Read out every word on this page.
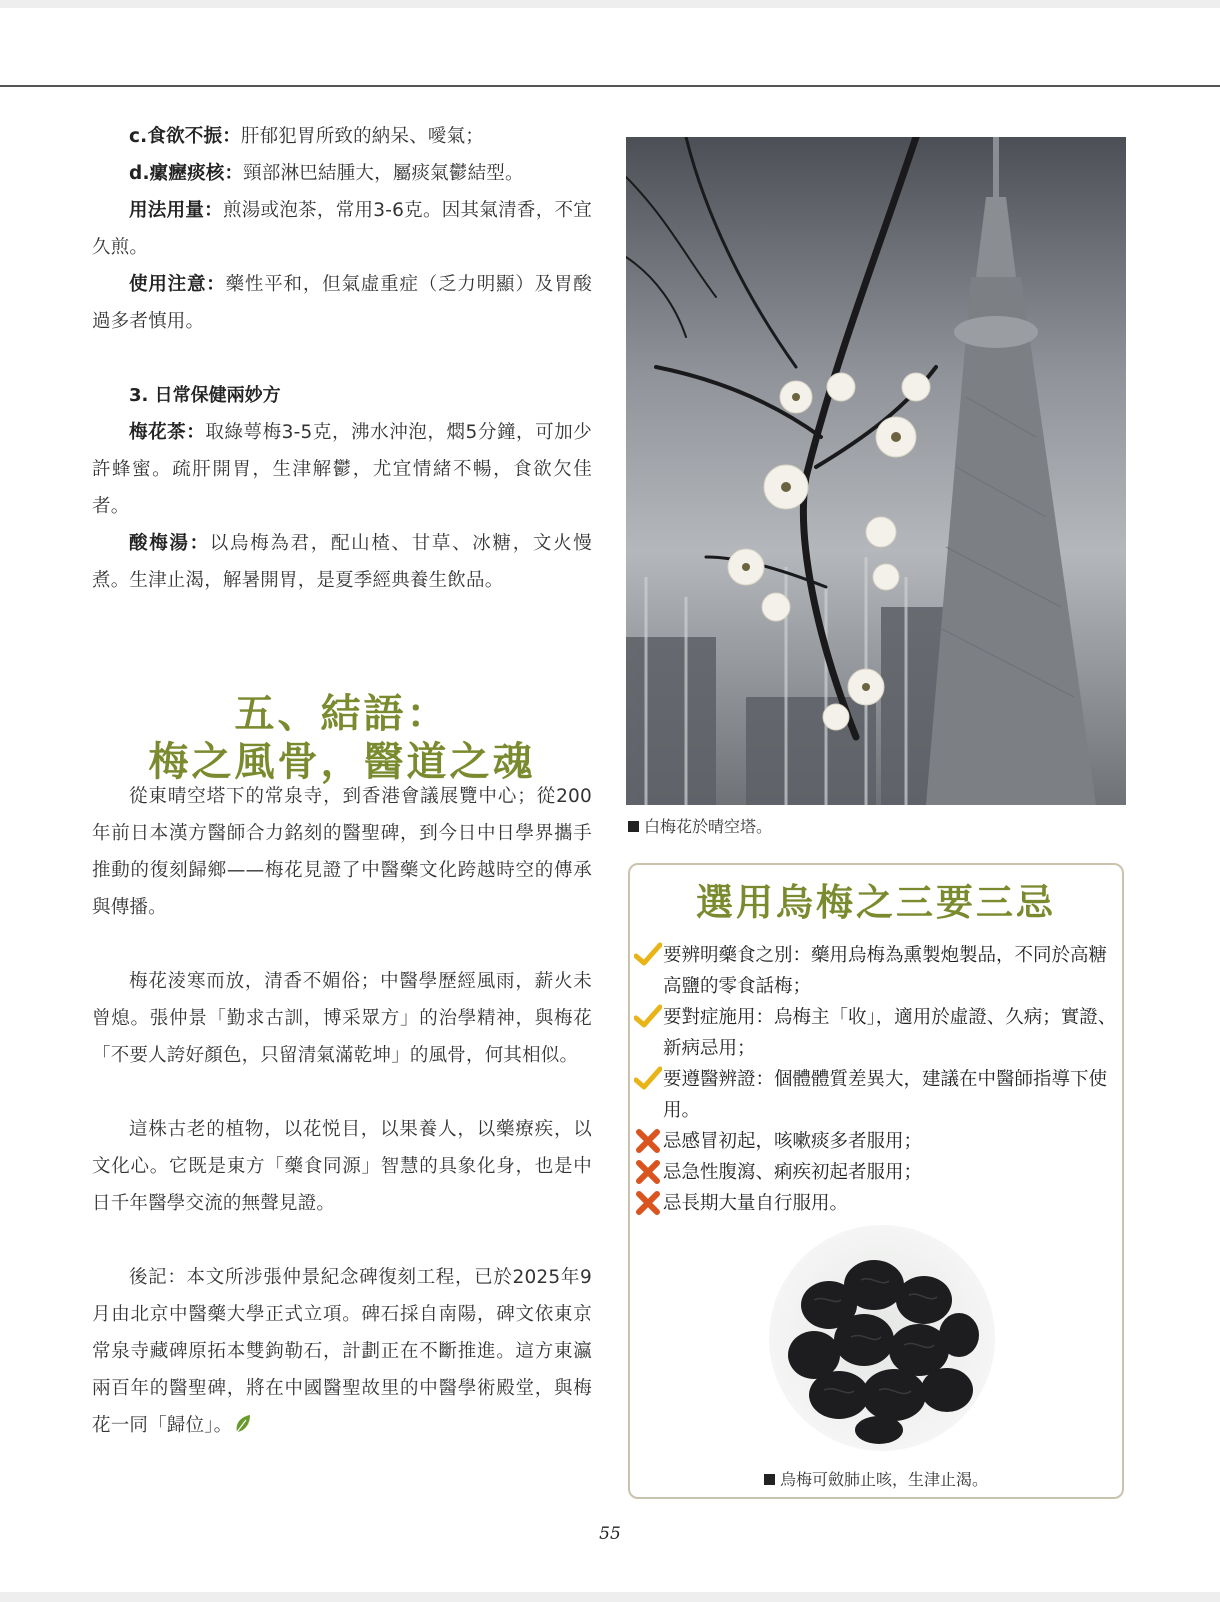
c.食欲不振：肝郁犯胃所致的納呆、噯氣；

d.瘰癧痰核：頸部淋巴結腫大，屬痰氣鬱結型。

用法用量：煎湯或泡茶，常用3-6克。因其氣清香，不宜久煎。

使用注意：藥性平和，但氣虛重症（乏力明顯）及胃酸過多者慎用。

3. 日常保健兩妙方

梅花茶：取綠萼梅3-5克，沸水沖泡，燜5分鐘，可加少許蜂蜜。疏肝開胃，生津解鬱，尤宜情緒不暢，食欲欠佳者。

酸梅湯：以烏梅為君，配山楂、甘草、冰糖，文火慢煮。生津止渴，解暑開胃，是夏季經典養生飲品。

五、結語：
梅之風骨，醫道之魂

從東晴空塔下的常泉寺，到香港會議展覽中心；從200年前日本漢方醫師合力銘刻的醫聖碑，到今日中日學界攜手推動的復刻歸鄉——梅花見證了中醫藥文化跨越時空的傳承與傳播。

梅花淩寒而放，清香不媚俗；中醫學歷經風雨，薪火未曾熄。張仲景「勤求古訓，博采眾方」的治學精神，與梅花「不要人誇好顏色，只留清氣滿乾坤」的風骨，何其相似。

這株古老的植物，以花悦目，以果養人，以藥療疾，以文化心。它既是東方「藥食同源」智慧的具象化身，也是中日千年醫學交流的無聲見證。

後記：本文所涉張仲景紀念碑復刻工程，已於2025年9月由北京中醫藥大學正式立項。碑石採自南陽，碑文依東京常泉寺藏碑原拓本雙鉤勒石，計劃正在不斷推進。這方東瀛兩百年的醫聖碑，將在中國醫聖故里的中醫學術殿堂，與梅花一同「歸位」。

白梅花於晴空塔。
選用烏梅之三要三忌
要辨明藥食之別：藥用烏梅為熏製炮製品，不同於高糖高鹽的零食話梅；
要對症施用：烏梅主「收」，適用於虛證、久病；實證、新病忌用；
要遵醫辨證：個體體質差異大，建議在中醫師指導下使用。
忌感冒初起，咳嗽痰多者服用；
忌急性腹瀉、痢疾初起者服用；
忌長期大量自行服用。
烏梅可斂肺止咳，生津止渴。
55
